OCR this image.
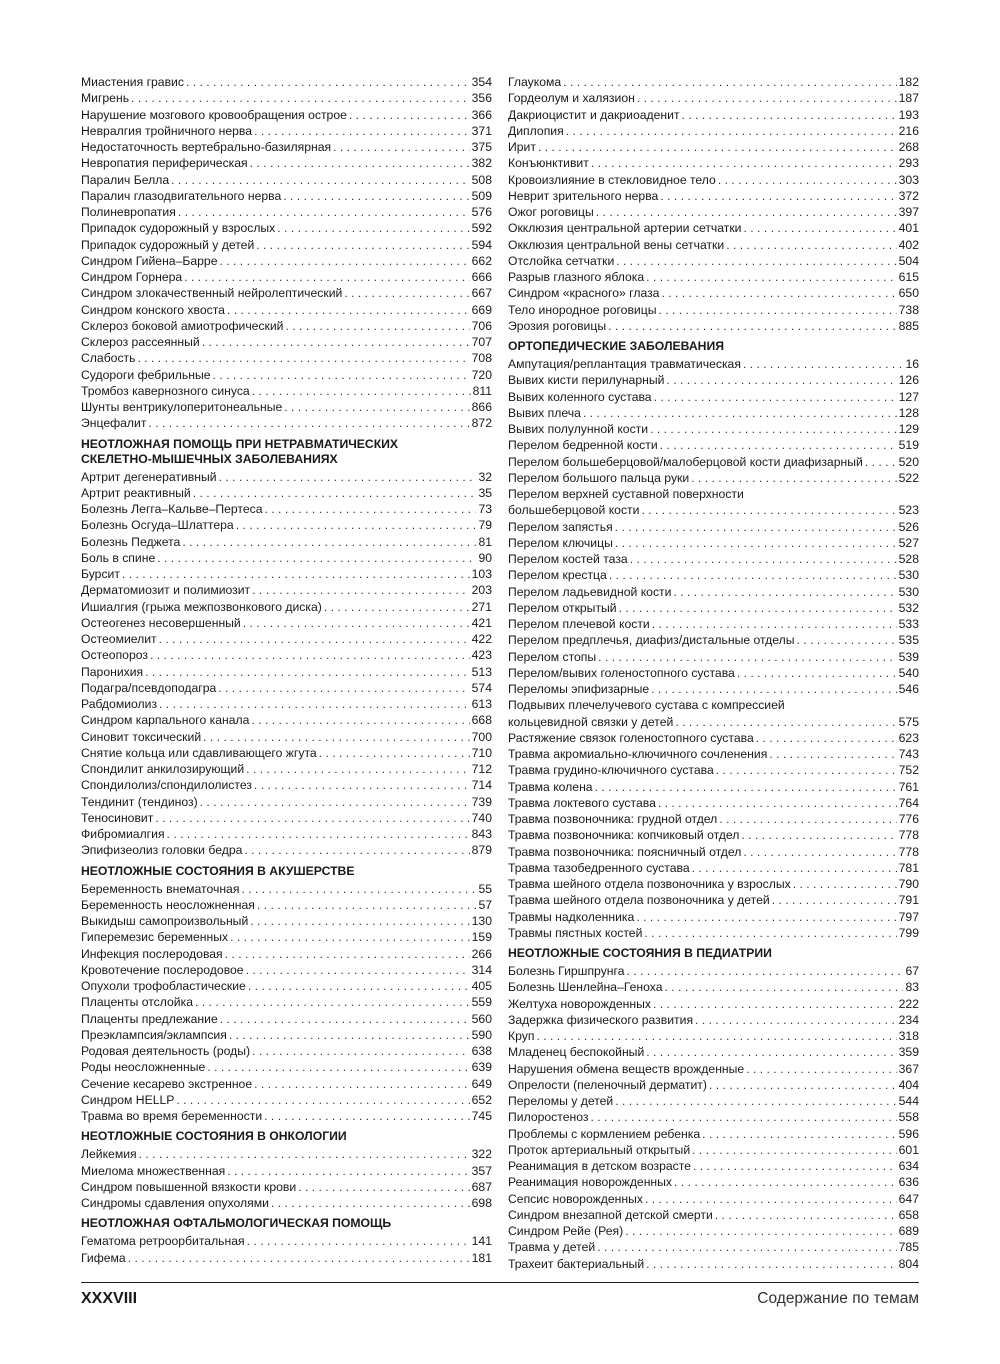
Миастения гравис . . .	354
Мигрень . . .	356
Нарушение мозгового кровообращения острое . . .	366
Невралгия тройничного нерва . . .	371
Недостаточность вертебрально-базилярная . . .	375
Невропатия периферическая . . .	382
Паралич Белла . . .	508
Паралич глазодвигательного нерва . . .	509
Полиневропатия . . .	576
Припадок судорожный у взрослых . . .	592
Припадок судорожный у детей . . .	594
Синдром Гийена–Барре . . .	662
Синдром Горнера . . .	666
Синдром злокачественный нейролептический . . .	667
Синдром конского хвоста . . .	669
Склероз боковой амиотрофический . . .	706
Склероз рассеянный . . .	707
Слабость . . .	708
Судороги фебрильные . . .	720
Тромбоз кавернозного синуса . . .	811
Шунты вентрикулоперитонеальные . . .	866
Энцефалит . . .	872
НЕОТЛОЖНАЯ ПОМОЩЬ ПРИ НЕТРАВМАТИЧЕСКИХ
СКЕЛЕТНО-МЫШЕЧНЫХ ЗАБОЛЕВАНИЯХ
Артрит дегенеративный . . .	32
Артрит реактивный . . .	35
Болезнь Легга–Кальве–Пертеса . . .	73
Болезнь Осгуда–Шлаттера . . .	79
Болезнь Педжета . . .	81
Боль в спине . . .	90
Бурсит . . .	103
Дерматомиозит и полимиозит . . .	203
Ишиалгия (грыжа межпозвонкового диска) . . .	271
Остеогенез несовершенный . . .	421
Остеомиелит . . .	422
Остеопороз . . .	423
Паронихия . . .	513
Подагра/псевдоподагра . . .	574
Рабдомиолиз . . .	613
Синдром карпального канала . . .	668
Синовит токсический . . .	700
Снятие кольца или сдавливающего жгута . . .	710
Спондилит анкилозирующий . . .	712
Спондилолиз/спондилолистез . . .	714
Тендинит (тендиноз) . . .	739
Теносиновит . . .	740
Фибромиалгия . . .	843
Эпифизеолиз головки бедра . . .	879
НЕОТЛОЖНЫЕ СОСТОЯНИЯ В АКУШЕРСТВЕ
Беременность внематочная . . .	55
Беременность неосложненная . . .	57
Выкидыш самопроизвольный . . .	130
Гиперемезис беременных . . .	159
Инфекция послеродовая . . .	266
Кровотечение послеродовое . . .	314
Опухоли трофобластические . . .	405
Плаценты отслойка . . .	559
Плаценты предлежание . . .	560
Преэклампсия/эклампсия . . .	590
Родовая деятельность (роды) . . .	638
Роды неосложненные . . .	639
Сечение кесарево экстренное . . .	649
Синдром HELLP . . .	652
Травма во время беременности . . .	745
НЕОТЛОЖНЫЕ СОСТОЯНИЯ В ОНКОЛОГИИ
Лейкемия . . .	322
Миелома множественная . . .	357
Синдром повышенной вязкости крови . . .	687
Синдромы сдавления опухолями . . .	698
НЕОТЛОЖНАЯ ОФТАЛЬМОЛОГИЧЕСКАЯ ПОМОЩЬ
Гематома ретроорбитальная . . .	141
Гифема . . .	181
Глаукома . . .	182
Гордеолум и халязион . . .	187
Дакриоцистит и дакриоаденит . . .	193
Диплопия . . .	216
Ирит . . .	268
Конъюнктивит . . .	293
Кровоизлияние в стекловидное тело . . .	303
Неврит зрительного нерва . . .	372
Ожог роговицы . . .	397
Окклюзия центральной артерии сетчатки . . .	401
Окклюзия центральной вены сетчатки . . .	402
Отслойка сетчатки . . .	504
Разрыв глазного яблока . . .	615
Синдром «красного» глаза . . .	650
Тело инородное роговицы . . .	738
Эрозия роговицы . . .	885
ОРТОПЕДИЧЕСКИЕ ЗАБОЛЕВАНИЯ
Ампутация/реплантация травматическая . . .	16
Вывих кисти перилунарный . . .	126
Вывих коленного сустава . . .	127
Вывих плеча . . .	128
Вывих полулунной кости . . .	129
Перелом бедренной кости . . .	519
Перелом большеберцовой/малоберцовой кости диафизарный . . .	520
Перелом большого пальца руки . . .	522
Перелом верхней суставной поверхности
большеберцовой кости . . .	523
Перелом запястья . . .	526
Перелом ключицы . . .	527
Перелом костей таза . . .	528
Перелом крестца . . .	530
Перелом ладьевидной кости . . .	530
Перелом открытый . . .	532
Перелом плечевой кости . . .	533
Перелом предплечья, диафиз/дистальные отделы . . .	535
Перелом стопы . . .	539
Перелом/вывих голеностопного сустава . . .	540
Переломы эпифизарные . . .	546
Подвывих плечелучевого сустава с компрессией
кольцевидной связки у детей . . .	575
Растяжение связок голеностопного сустава . . .	623
Травма акромиально-ключичного сочленения . . .	743
Травма грудино-ключичного сустава . . .	752
Травма колена . . .	761
Травма локтевого сустава . . .	764
Травма позвоночника: грудной отдел . . .	776
Травма позвоночника: копчиковый отдел . . .	778
Травма позвоночника: поясничный отдел . . .	778
Травма тазобедренного сустава . . .	781
Травма шейного отдела позвоночника у взрослых . . .	790
Травма шейного отдела позвоночника у детей . . .	791
Травмы надколенника . . .	797
Травмы пястных костей . . .	799
НЕОТЛОЖНЫЕ СОСТОЯНИЯ В ПЕДИАТРИИ
Болезнь Гиршпрунга . . .	67
Болезнь Шенлейна–Геноха . . .	83
Желтуха новорожденных . . .	222
Задержка физического развития . . .	234
Круп . . .	318
Младенец беспокойный . . .	359
Нарушения обмена веществ врожденные . . .	367
Опрелости (пеленочный дерматит) . . .	404
Переломы у детей . . .	544
Пилоростеноз . . .	558
Проблемы с кормлением ребенка . . .	596
Проток артериальный открытый . . .	601
Реанимация в детском возрасте . . .	634
Реанимация новорожденных . . .	636
Сепсис новорожденных . . .	647
Синдром внезапной детской смерти . . .	658
Синдром Рейе (Рея) . . .	689
Травма у детей . . .	785
Трахеит бактериальный . . .	804
XXXVIII	Содержание по темам
